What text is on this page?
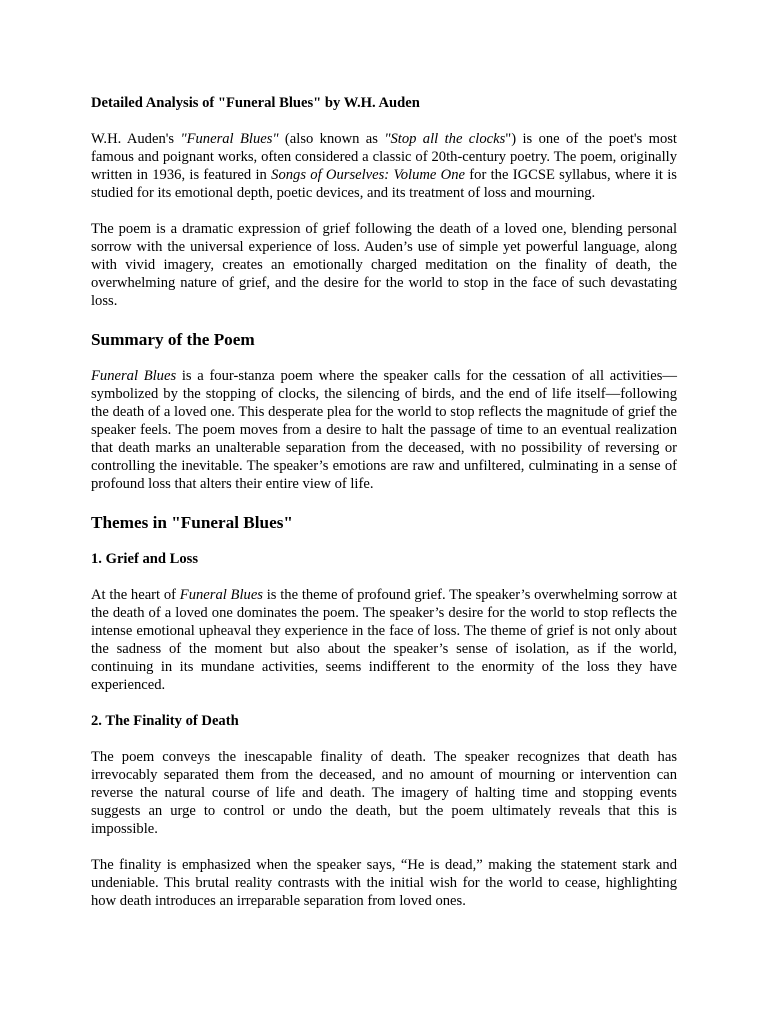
Detailed Analysis of "Funeral Blues" by W.H. Auden

W.H. Auden's "Funeral Blues" (also known as "Stop all the clocks") is one of the poet's most famous and poignant works, often considered a classic of 20th-century poetry. The poem, originally written in 1936, is featured in Songs of Ourselves: Volume One for the IGCSE syllabus, where it is studied for its emotional depth, poetic devices, and its treatment of loss and mourning.

The poem is a dramatic expression of grief following the death of a loved one, blending personal sorrow with the universal experience of loss. Auden’s use of simple yet powerful language, along with vivid imagery, creates an emotionally charged meditation on the finality of death, the overwhelming nature of grief, and the desire for the world to stop in the face of such devastating loss.

Summary of the Poem

Funeral Blues is a four-stanza poem where the speaker calls for the cessation of all activities—symbolized by the stopping of clocks, the silencing of birds, and the end of life itself—following the death of a loved one. This desperate plea for the world to stop reflects the magnitude of grief the speaker feels. The poem moves from a desire to halt the passage of time to an eventual realization that death marks an unalterable separation from the deceased, with no possibility of reversing or controlling the inevitable. The speaker’s emotions are raw and unfiltered, culminating in a sense of profound loss that alters their entire view of life.

Themes in "Funeral Blues"
1. Grief and Loss

At the heart of Funeral Blues is the theme of profound grief. The speaker’s overwhelming sorrow at the death of a loved one dominates the poem. The speaker’s desire for the world to stop reflects the intense emotional upheaval they experience in the face of loss. The theme of grief is not only about the sadness of the moment but also about the speaker’s sense of isolation, as if the world, continuing in its mundane activities, seems indifferent to the enormity of the loss they have experienced.

2. The Finality of Death

The poem conveys the inescapable finality of death. The speaker recognizes that death has irrevocably separated them from the deceased, and no amount of mourning or intervention can reverse the natural course of life and death. The imagery of halting time and stopping events suggests an urge to control or undo the death, but the poem ultimately reveals that this is impossible.

The finality is emphasized when the speaker says, “He is dead,” making the statement stark and undeniable. This brutal reality contrasts with the initial wish for the world to cease, highlighting how death introduces an irreparable separation from loved ones.
